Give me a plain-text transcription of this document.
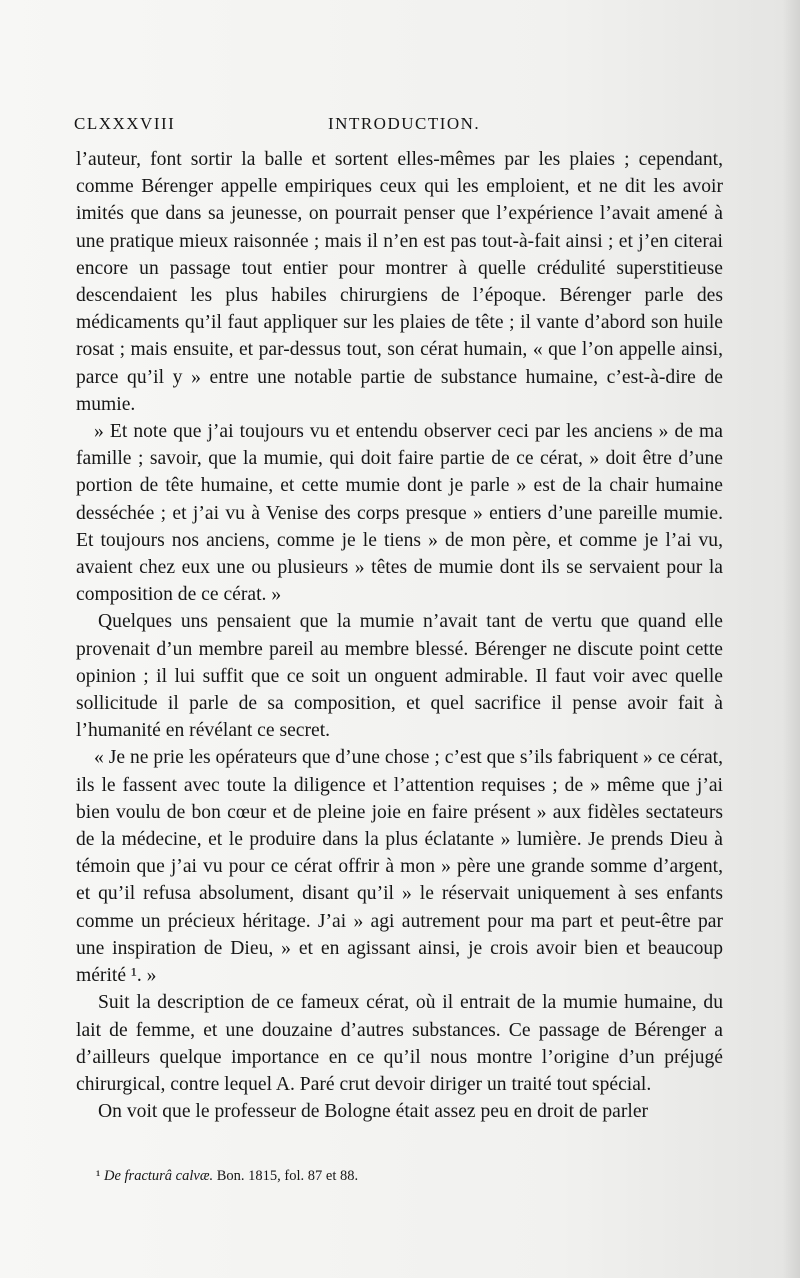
CLXXXVIII	INTRODUCTION.

l’auteur, font sortir la balle et sortent elles-mêmes par les plaies ; cependant, comme Bérenger appelle empiriques ceux qui les emploient, et ne dit les avoir imités que dans sa jeunesse, on pourrait penser que l’expérience l’avait amené à une pratique mieux raisonnée ; mais il n’en est pas tout-à-fait ainsi ; et j’en citerai encore un passage tout entier pour montrer à quelle crédulité superstitieuse descendaient les plus habiles chirurgiens de l’époque. Bérenger parle des médicaments qu’il faut appliquer sur les plaies de tête ; il vante d’abord son huile rosat ; mais ensuite, et par-dessus tout, son cérat humain, « que l’on appelle ainsi, parce qu’il y » entre une notable partie de substance humaine, c’est-à-dire de mumie.

» Et note que j’ai toujours vu et entendu observer ceci par les anciens » de ma famille ; savoir, que la mumie, qui doit faire partie de ce cérat, » doit être d’une portion de tête humaine, et cette mumie dont je parle » est de la chair humaine desséchée ; et j’ai vu à Venise des corps presque » entiers d’une pareille mumie. Et toujours nos anciens, comme je le tiens » de mon père, et comme je l’ai vu, avaient chez eux une ou plusieurs » têtes de mumie dont ils se servaient pour la composition de ce cérat. »

Quelques uns pensaient que la mumie n’avait tant de vertu que quand elle provenait d’un membre pareil au membre blessé. Bérenger ne discute point cette opinion ; il lui suffit que ce soit un onguent admirable. Il faut voir avec quelle sollicitude il parle de sa composition, et quel sacrifice il pense avoir fait à l’humanité en révélant ce secret.

« Je ne prie les opérateurs que d’une chose ; c’est que s’ils fabriquent » ce cérat, ils le fassent avec toute la diligence et l’attention requises ; de » même que j’ai bien voulu de bon cœur et de pleine joie en faire présent » aux fidèles sectateurs de la médecine, et le produire dans la plus éclatante » lumière. Je prends Dieu à témoin que j’ai vu pour ce cérat offrir à mon » père une grande somme d’argent, et qu’il refusa absolument, disant qu’il » le réservait uniquement à ses enfants comme un précieux héritage. J’ai » agi autrement pour ma part et peut-être par une inspiration de Dieu, » et en agissant ainsi, je crois avoir bien et beaucoup mérité ¹. »

Suit la description de ce fameux cérat, où il entrait de la mumie humaine, du lait de femme, et une douzaine d’autres substances. Ce passage de Bérenger a d’ailleurs quelque importance en ce qu’il nous montre l’origine d’un préjugé chirurgical, contre lequel A. Paré crut devoir diriger un traité tout spécial.

On voit que le professeur de Bologne était assez peu en droit de parler

¹ De fracturâ calvæ. Bon. 1815, fol. 87 et 88.
